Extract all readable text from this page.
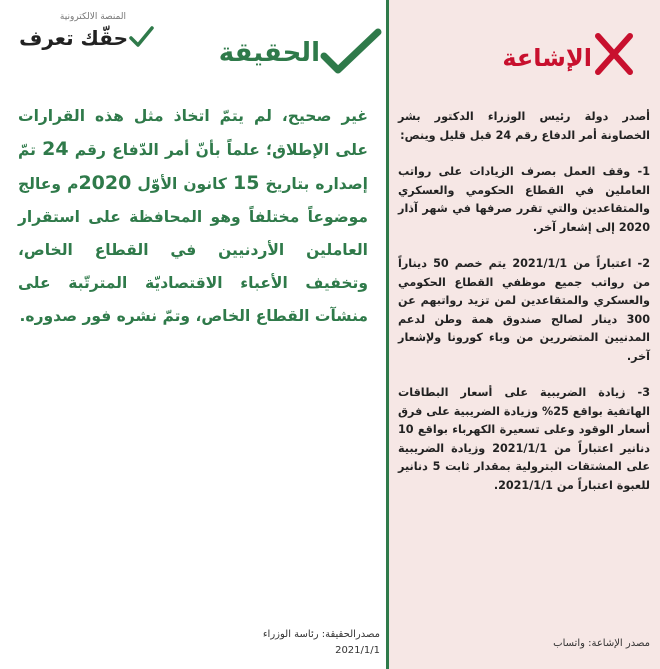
المنصة الالكترونية
حقّك تعرف	الحقيقة
غير صحيح، لم يتمّ اتخاذ مثل هذه القرارات على الإطلاق؛ علماً بأنّ أمر الدّفاع رقم 24 تمّ إصداره بتاريخ 15 كانون الأوّل 2020م وعالج موضوعاً مختلفاً وهو المحافظة على استقرار العاملين الأردنيين في القطاع الخاص، وتخفيف الأعباء الاقتصاديّة المترتّبة على منشآت القطاع الخاص، وتمّ نشره فور صدوره.
مصدرالحقيقة: رئاسة الوزراء
2021/1/1
الإشاعة

أصدر دولة رئيس الوزراء الدكتور بشر الخصاونة أمر الدفاع رقم 24 قبل قليل وينص:

1- وقف العمل بصرف الزيادات على رواتب العاملين في القطاع الحكومي والعسكري والمتقاعدين والتي تقرر صرفها في شهر آذار 2020 إلى إشعار آخر.

2- اعتباراً من 2021/1/1 يتم خصم 50 ديناراً من رواتب جميع موظفي القطاع الحكومي والعسكري والمتقاعدين لمن تزيد رواتبهم عن 300 دينار لصالح صندوق همة وطن لدعم المدنيين المتضررين من وباء كورونا ولإشعار آخر.

3- زيادة الضريبية على أسعار البطاقات الهاتفية بواقع 25% وزيادة الضريبية على فرق أسعار الوقود وعلى تسعيرة الكهرباء بواقع 10 دنانير اعتباراً من 2021/1/1 وزيادة الضريبية على المشتقات البترولية بمقدار ثابت 5 دنانير للعبوة اعتباراً من 2021/1/1.

مصدر الإشاعة: واتساب
